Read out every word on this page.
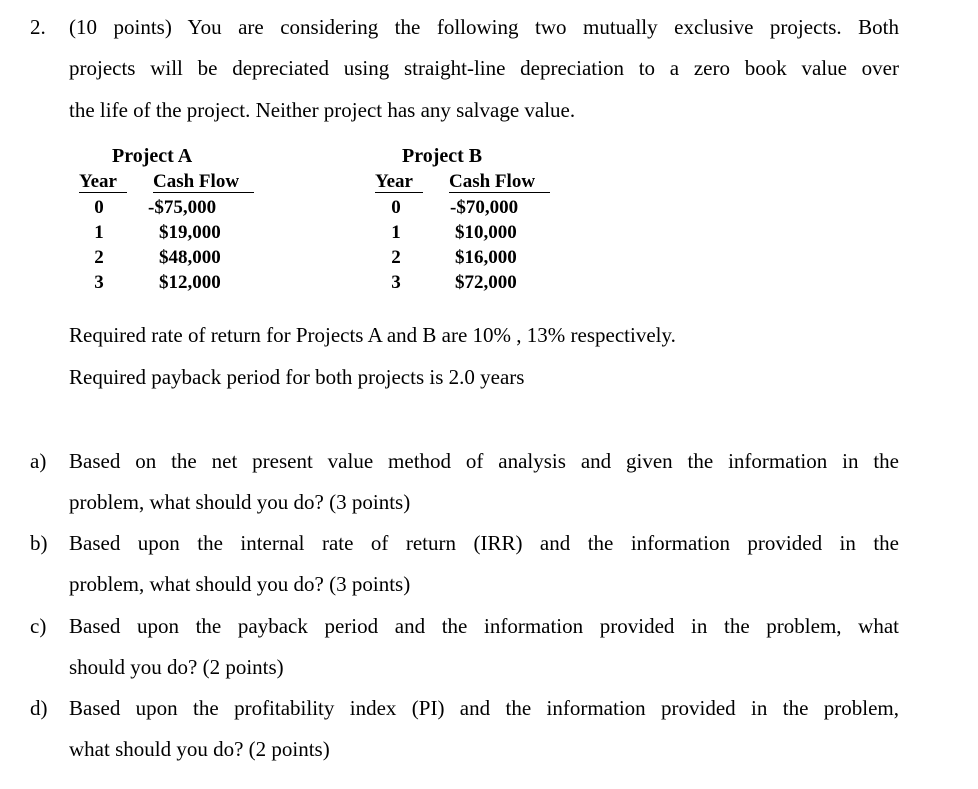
2. (10 points) You are considering the following two mutually exclusive projects. Both
projects will be depreciated using straight-line depreciation to a zero book value over
the life of the project. Neither project has any salvage value.
Project A
Year Cash Flow
0	-$75,000
1	$19,000
2	$48,000
3	$12,000
Project B
Year Cash Flow
0	-$70,000
1	$10,000
2	$16,000
3	$72,000
Required rate of return for Projects A and B are 10% , 13% respectively.
Required payback period for both projects is 2.0 years
a) Based on the net present value method of analysis and given the information in the
problem, what should you do? (3 points)
b) Based upon the internal rate of return (IRR) and the information provided in the
problem, what should you do? (3 points)
c) Based upon the payback period and the information provided in the problem, what
should you do? (2 points)
d) Based upon the profitability index (PI) and the information provided in the problem,
what should you do? (2 points)
